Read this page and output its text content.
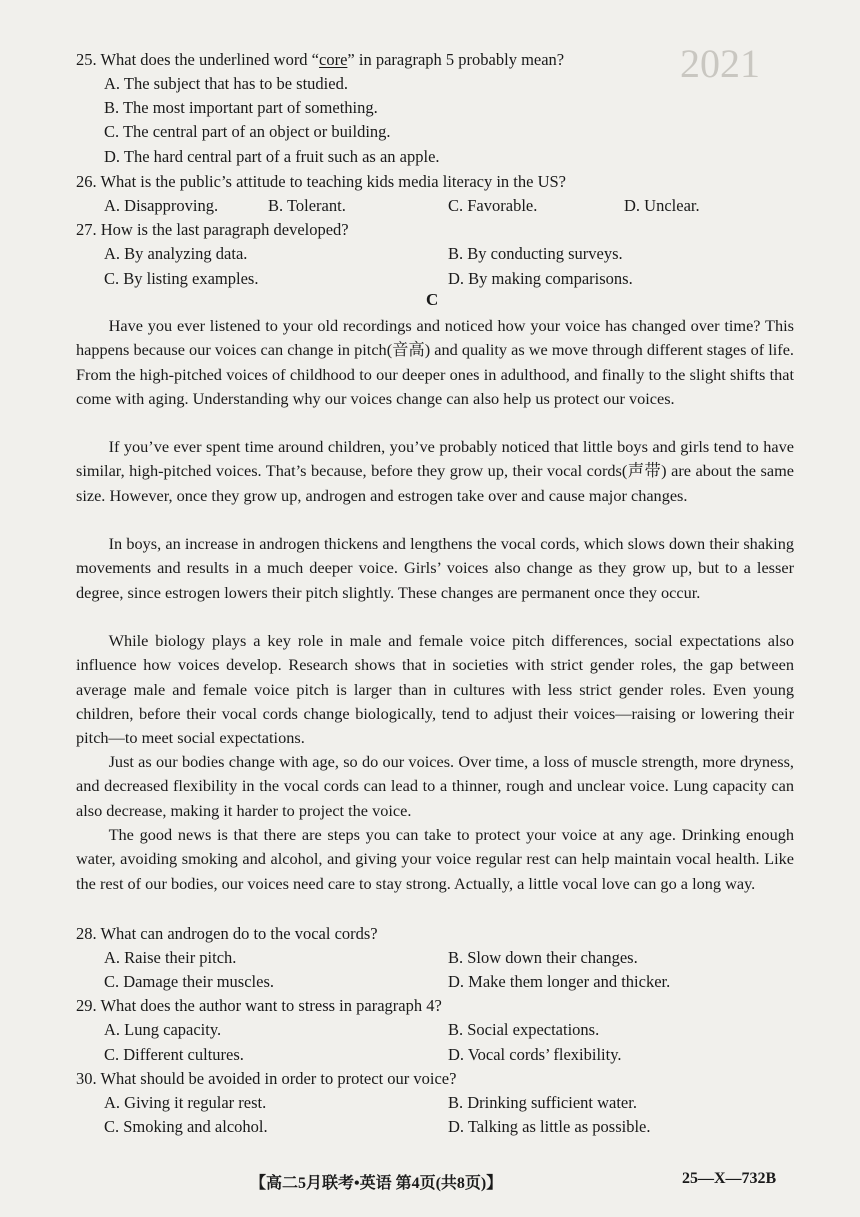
2021
25. What does the underlined word “core” in paragraph 5 probably mean?
A. The subject that has to be studied.
B. The most important part of something.
C. The central part of an object or building.
D. The hard central part of a fruit such as an apple.
26. What is the public’s attitude to teaching kids media literacy in the US?
A. Disapproving.	B. Tolerant.	C. Favorable.	D. Unclear.
27. How is the last paragraph developed?
A. By analyzing data.	B. By conducting surveys.
C. By listing examples.	D. By making comparisons.
C
Have you ever listened to your old recordings and noticed how your voice has changed over time? This happens because our voices can change in pitch(音高) and quality as we move through different stages of life. From the high-pitched voices of childhood to our deeper ones in adulthood, and finally to the slight shifts that come with aging. Understanding why our voices change can also help us protect our voices.
If you’ve ever spent time around children, you’ve probably noticed that little boys and girls tend to have similar, high-pitched voices. That’s because, before they grow up, their vocal cords(声带) are about the same size. However, once they grow up, androgen and estrogen take over and cause major changes.
In boys, an increase in androgen thickens and lengthens the vocal cords, which slows down their shaking movements and results in a much deeper voice. Girls’ voices also change as they grow up, but to a lesser degree, since estrogen lowers their pitch slightly. These changes are permanent once they occur.
While biology plays a key role in male and female voice pitch differences, social expectations also influence how voices develop. Research shows that in societies with strict gender roles, the gap between average male and female voice pitch is larger than in cultures with less strict gender roles. Even young children, before their vocal cords change biologically, tend to adjust their voices—raising or lowering their pitch—to meet social expectations.
Just as our bodies change with age, so do our voices. Over time, a loss of muscle strength, more dryness, and decreased flexibility in the vocal cords can lead to a thinner, rough and unclear voice. Lung capacity can also decrease, making it harder to project the voice.
The good news is that there are steps you can take to protect your voice at any age. Drinking enough water, avoiding smoking and alcohol, and giving your voice regular rest can help maintain vocal health. Like the rest of our bodies, our voices need care to stay strong. Actually, a little vocal love can go a long way.
28. What can androgen do to the vocal cords?
A. Raise their pitch.	B. Slow down their changes.
C. Damage their muscles.	D. Make them longer and thicker.
29. What does the author want to stress in paragraph 4?
A. Lung capacity.	B. Social expectations.
C. Different cultures.	D. Vocal cords’ flexibility.
30. What should be avoided in order to protect our voice?
A. Giving it regular rest.	B. Drinking sufficient water.
C. Smoking and alcohol.	D. Talking as little as possible.
【高二5月联考•英语 第4页(共8页)】	25—X—732B
